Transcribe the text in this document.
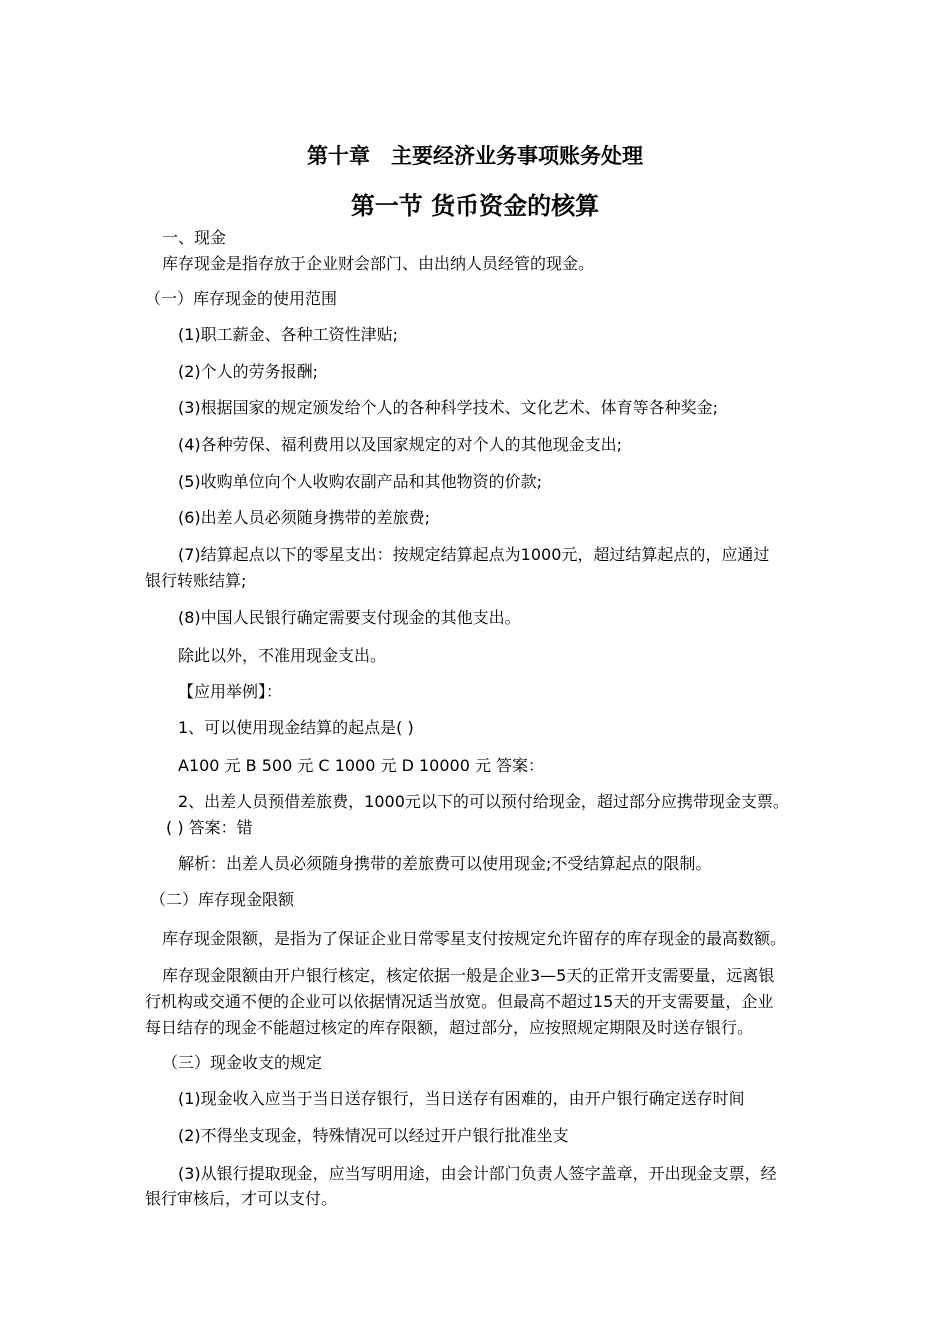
第十章　主要经济业务事项账务处理
第一节 货币资金的核算
一、现金
库存现金是指存放于企业财会部门、由出纳人员经管的现金。
（一）库存现金的使用范围
(1)职工薪金、各种工资性津贴;
(2)个人的劳务报酬;
(3)根据国家的规定颁发给个人的各种科学技术、文化艺术、体育等各种奖金;
(4)各种劳保、福利费用以及国家规定的对个人的其他现金支出;
(5)收购单位向个人收购农副产品和其他物资的价款;
(6)出差人员必须随身携带的差旅费;
(7)结算起点以下的零星支出：按规定结算起点为1000元，超过结算起点的，应通过
银行转账结算;
(8)中国人民银行确定需要支付现金的其他支出。
除此以外，不准用现金支出。
【应用举例】：
1、可以使用现金结算的起点是( )
A100 元 B 500 元 C 1000 元 D 10000 元 答案：
2、出差人员预借差旅费，1000元以下的可以预付给现金，超过部分应携带现金支票。
( ) 答案：错
解析：出差人员必须随身携带的差旅费可以使用现金;不受结算起点的限制。
（二）库存现金限额
库存现金限额，是指为了保证企业日常零星支付按规定允许留存的库存现金的最高数额。
库存现金限额由开户银行核定，核定依据一般是企业3—5天的正常开支需要量，远离银
行机构或交通不便的企业可以依据情况适当放宽。但最高不超过15天的开支需要量，企业
每日结存的现金不能超过核定的库存限额，超过部分，应按照规定期限及时送存银行。
（三）现金收支的规定
(1)现金收入应当于当日送存银行，当日送存有困难的，由开户银行确定送存时间
(2)不得坐支现金，特殊情况可以经过开户银行批准坐支
(3)从银行提取现金，应当写明用途，由会计部门负责人签字盖章，开出现金支票，经
银行审核后，才可以支付。
